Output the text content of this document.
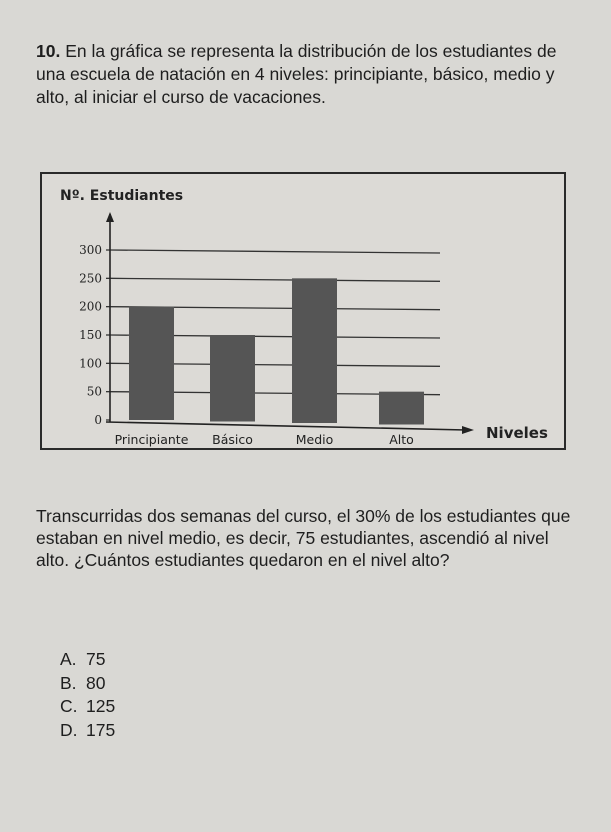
10. En la gráfica se representa la distribución de los estudiantes de una escuela de natación en 4 niveles: principiante, básico, medio y alto, al iniciar el curso de vacaciones.
Nº. Estudiantes
0
50
100
150
200
250
300
Principiante Básico	Medio	Alto	Niveles
Transcurridas dos semanas del curso, el 30% de los estudiantes que estaban en nivel medio, es decir, 75 estudiantes, ascendió al nivel alto. ¿Cuántos estudiantes quedaron en el nivel alto?
A. 75
B. 80
C. 125
D. 175
